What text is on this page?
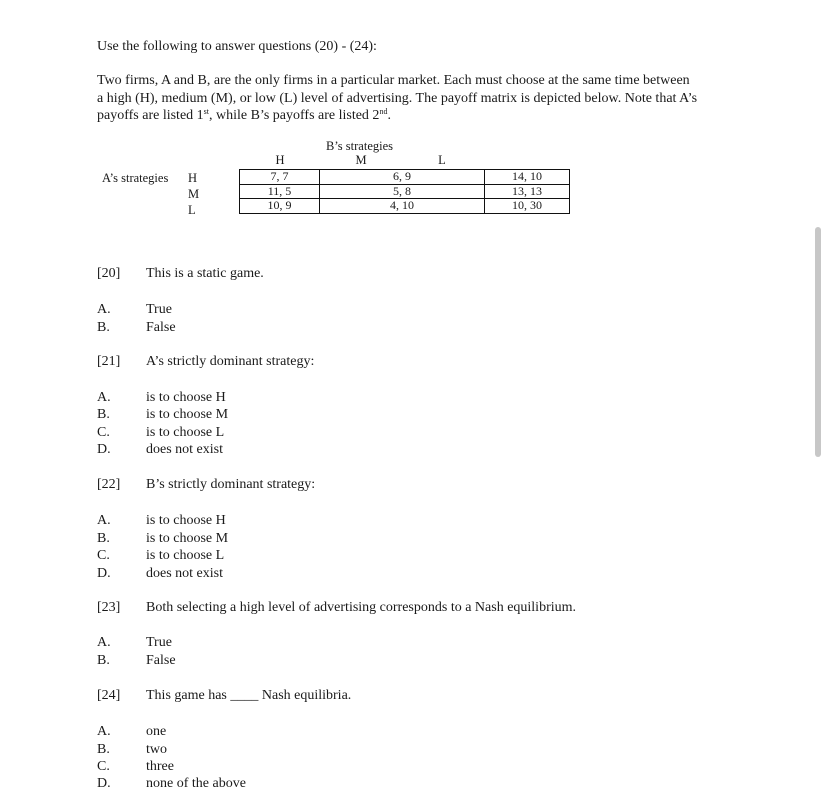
Use the following to answer questions (20) - (24):
Two firms, A and B, are the only firms in a particular market. Each must choose at the same time between
a high (H), medium (M), or low (L) level of advertising. The payoff matrix is depicted below. Note that A’s
payoffs are listed 1st, while B’s payoffs are listed 2nd.
B’s strategies
H	M	L
A’s strategies H
M
L
7, 7	6, 9	14, 10
11, 5	5, 8	13, 13
10, 9	4, 10	10, 30
[20] This is a static game.
A.	True
B.	False
[21] A’s strictly dominant strategy:
A.	is to choose H
B.	is to choose M
C.	is to choose L
D.	does not exist
[22] B’s strictly dominant strategy:
A.	is to choose H
B.	is to choose M
C.	is to choose L
D.	does not exist
[23] Both selecting a high level of advertising corresponds to a Nash equilibrium.
A.	True
B.	False
[24] This game has ____ Nash equilibria.
A.	one
B.	two
C.	three
D.	none of the above
